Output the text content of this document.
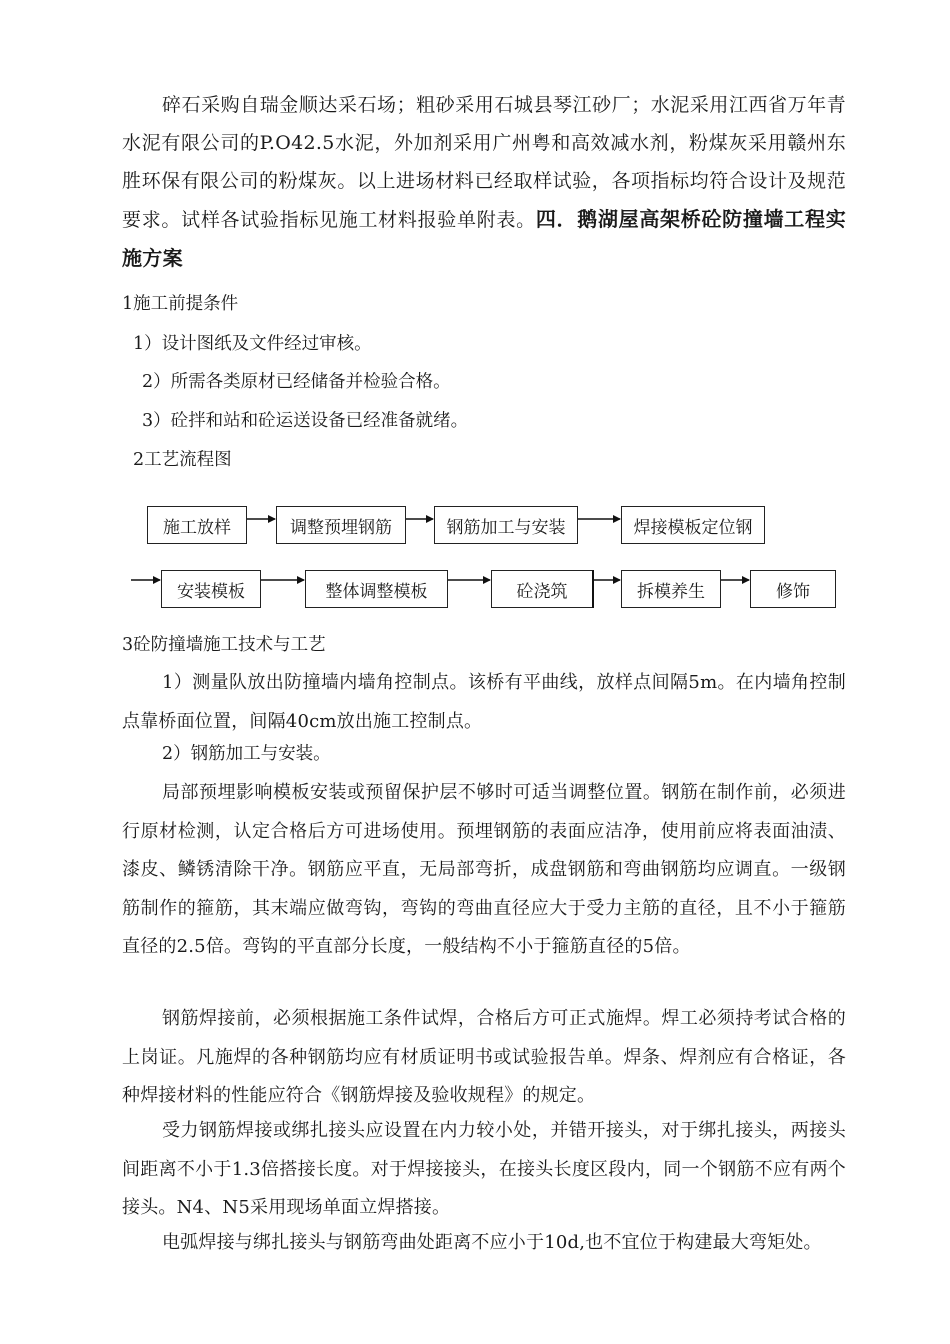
碎石采购自瑞金顺达采石场；粗砂采用石城县琴江砂厂；水泥采用江西省万年青水泥有限公司的P.O42.5水泥，外加剂采用广州粤和高效减水剂，粉煤灰采用赣州东胜环保有限公司的粉煤灰。以上进场材料已经取样试验，各项指标均符合设计及规范要求。试样各试验指标见施工材料报验单附表。四．鹅湖屋高架桥砼防撞墙工程实施方案

1施工前提条件
1）设计图纸及文件经过审核。
2）所需各类原材已经储备并检验合格。
3）砼拌和站和砼运送设备已经准备就绪。
2工艺流程图
施工放样	调整预埋钢筋	钢筋加工与安装	焊接模板定位钢
安装模板	整体调整模板	砼浇筑	拆模养生	修饰
3砼防撞墙施工技术与工艺

1）测量队放出防撞墙内墙角控制点。该桥有平曲线，放样点间隔5m。在内墙角控制点靠桥面位置，间隔40cm放出施工控制点。

2）钢筋加工与安装。

局部预埋影响模板安装或预留保护层不够时可适当调整位置。钢筋在制作前，必须进行原材检测，认定合格后方可进场使用。预埋钢筋的表面应洁净，使用前应将表面油渍、漆皮、鳞锈清除干净。钢筋应平直，无局部弯折，成盘钢筋和弯曲钢筋均应调直。一级钢筋制作的箍筋，其末端应做弯钩，弯钩的弯曲直径应大于受力主筋的直径，且不小于箍筋直径的2.5倍。弯钩的平直部分长度，一般结构不小于箍筋直径的5倍。

钢筋焊接前，必须根据施工条件试焊，合格后方可正式施焊。焊工必须持考试合格的上岗证。凡施焊的各种钢筋均应有材质证明书或试验报告单。焊条、焊剂应有合格证，各种焊接材料的性能应符合《钢筋焊接及验收规程》的规定。

受力钢筋焊接或绑扎接头应设置在内力较小处，并错开接头，对于绑扎接头，两接头间距离不小于1.3倍搭接长度。对于焊接接头，在接头长度区段内，同一个钢筋不应有两个接头。N4、N5采用现场单面立焊搭接。

电弧焊接与绑扎接头与钢筋弯曲处距离不应小于10d,也不宜位于构建最大弯矩处。
